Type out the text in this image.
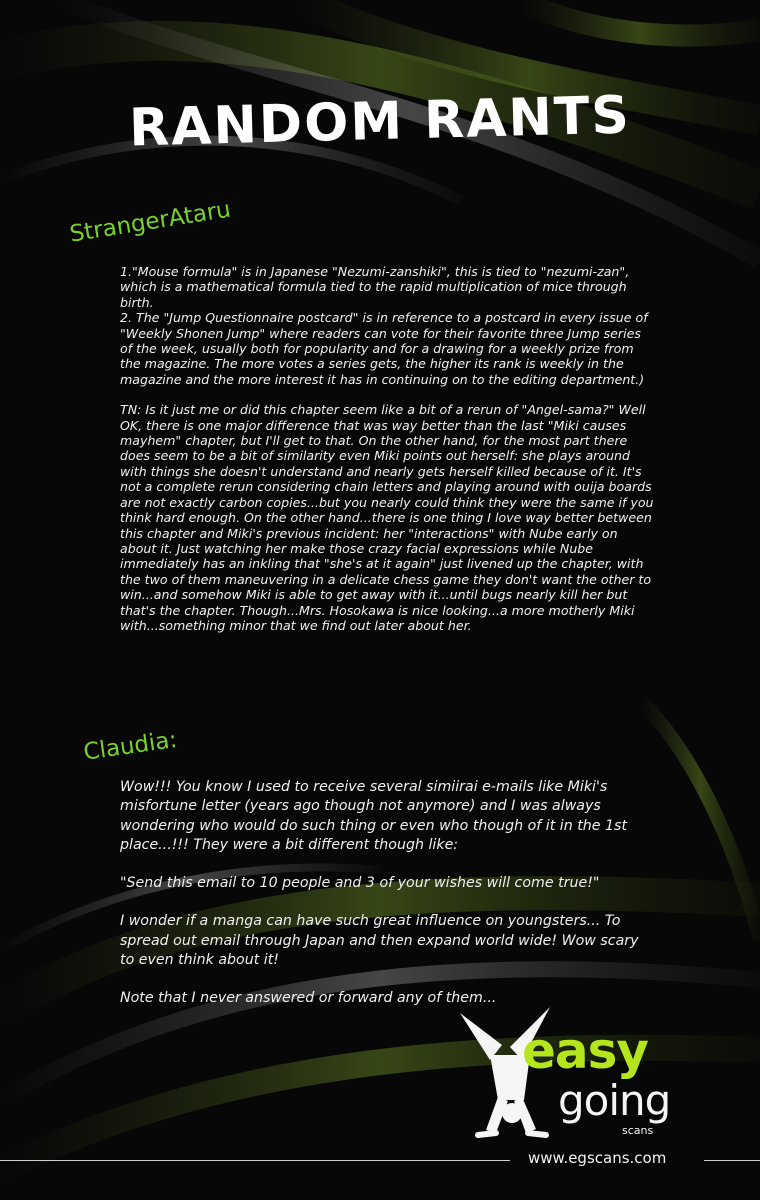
RANDOM RANTS
StrangerAtaru

1."Mouse formula" is in Japanese "Nezumi-zanshiki", this is tied to "nezumi-zan", which is a mathematical formula tied to the rapid multiplication of mice through birth.

2. The "Jump Questionnaire postcard" is in reference to a postcard in every issue of "Weekly Shonen Jump" where readers can vote for their favorite three Jump series of the week, usually both for popularity and for a drawing for a weekly prize from the magazine. The more votes a series gets, the higher its rank is weekly in the magazine and the more interest it has in continuing on to the editing department.)

TN: Is it just me or did this chapter seem like a bit of a rerun of "Angel-sama?" Well OK, there is one major difference that was way better than the last "Miki causes mayhem" chapter, but I'll get to that. On the other hand, for the most part there does seem to be a bit of similarity even Miki points out herself: she plays around with things she doesn't understand and nearly gets herself killed because of it. It's not a complete rerun considering chain letters and playing around with ouija boards are not exactly carbon copies...but you nearly could think they were the same if you think hard enough. On the other hand...there is one thing I love way better between this chapter and Miki's previous incident: her "interactions" with Nube early on about it. Just watching her make those crazy facial expressions while Nube immediately has an inkling that "she's at it again" just livened up the chapter, with the two of them maneuvering in a delicate chess game they don't want the other to win...and somehow Miki is able to get away with it...until bugs nearly kill her but that's the chapter. Though...Mrs. Hosokawa is nice looking...a more motherly Miki with...something minor that we find out later about her.

Claudia:

Wow!!! You know I used to receive several simiirai e-mails like Miki's misfortune letter (years ago though not anymore) and I was always wondering who would do such thing or even who though of it in the 1st place...!!! They were a bit different though like:

"Send this email to 10 people and 3 of your wishes will come true!"

I wonder if a manga can have such great influence on youngsters... To spread out email through Japan and then expand world wide! Wow scary to even think about it!

Note that I never answered or forward any of them...

easy
going
scans
www.egscans.com
